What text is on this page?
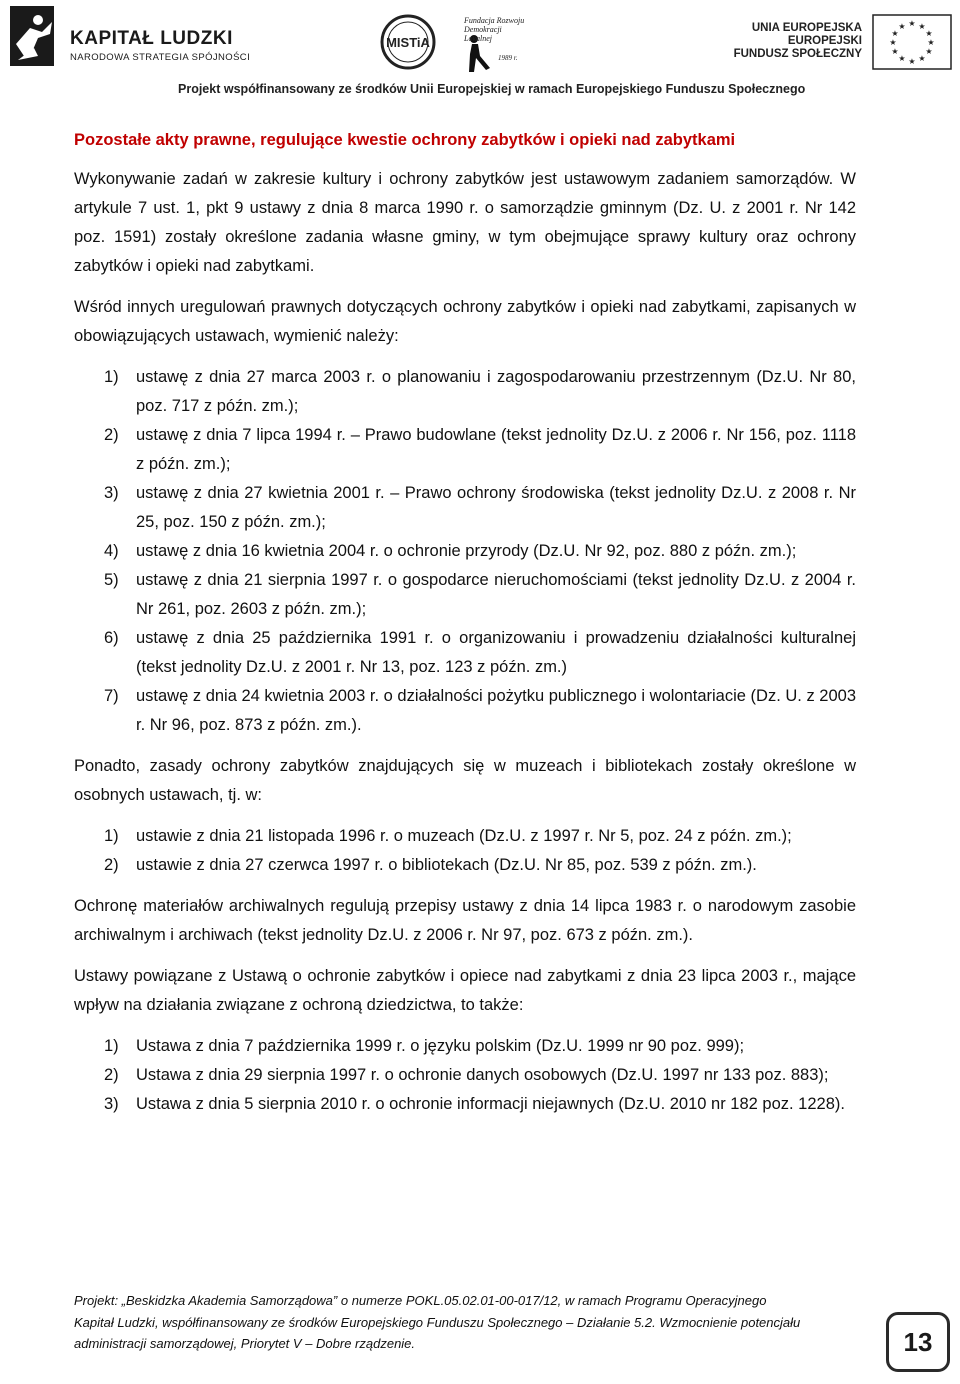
KAPITAŁ LUDZKI
NARODOWA STRATEGIA SPÓJNOŚCI
MISTiA
Fundacja Rozwoju
Demokracji Lokalnej
1989 r.
UNIA EUROPEJSKA
EUROPEJSKI
FUNDUSZ SPOŁECZNY
★ ★
★
★
★
★
★
★
★
★
★
★
Projekt współfinansowany ze środków Unii Europejskiej w ramach Europejskiego Funduszu Społecznego
Pozostałe akty prawne, regulujące kwestie ochrony zabytków i opieki nad zabytkami

Wykonywanie zadań w zakresie kultury i ochrony zabytków jest ustawowym zadaniem samorządów. W artykule 7 ust. 1, pkt 9 ustawy z dnia 8 marca 1990 r. o samorządzie gminnym (Dz. U. z 2001 r. Nr 142 poz. 1591) zostały określone zadania własne gminy, w tym obejmujące sprawy kultury oraz ochrony zabytków i opieki nad zabytkami.

Wśród innych uregulowań prawnych dotyczących ochrony zabytków i opieki nad zabytkami, zapisanych w obowiązujących ustawach, wymienić należy:

1) ustawę z dnia 27 marca 2003 r. o planowaniu i zagospodarowaniu przestrzennym (Dz.U. Nr 80, poz. 717 z późn. zm.);
2) ustawę z dnia 7 lipca 1994 r. – Prawo budowlane (tekst jednolity Dz.U. z 2006 r. Nr 156, poz. 1118 z późn. zm.);
3) ustawę z dnia 27 kwietnia 2001 r. – Prawo ochrony środowiska (tekst jednolity Dz.U. z 2008 r. Nr 25, poz. 150 z późn. zm.);
4) ustawę z dnia 16 kwietnia 2004 r. o ochronie przyrody (Dz.U. Nr 92, poz. 880 z późn. zm.);
5) ustawę z dnia 21 sierpnia 1997 r. o gospodarce nieruchomościami (tekst jednolity Dz.U. z 2004 r. Nr 261, poz. 2603 z późn. zm.);
6) ustawę z dnia 25 października 1991 r. o organizowaniu i prowadzeniu działalności kulturalnej (tekst jednolity Dz.U. z 2001 r. Nr 13, poz. 123 z późn. zm.)
7) ustawę z dnia 24 kwietnia 2003 r. o działalności pożytku publicznego i wolontariacie (Dz. U. z 2003 r. Nr 96, poz. 873 z późn. zm.).

Ponadto, zasady ochrony zabytków znajdujących się w muzeach i bibliotekach zostały określone w osobnych ustawach, tj. w:

1) ustawie z dnia 21 listopada 1996 r. o muzeach (Dz.U. z 1997 r. Nr 5, poz. 24 z późn. zm.);
2) ustawie z dnia 27 czerwca 1997 r. o bibliotekach (Dz.U. Nr 85, poz. 539 z późn. zm.).

Ochronę materiałów archiwalnych regulują przepisy ustawy z dnia 14 lipca 1983 r. o narodowym zasobie archiwalnym i archiwach (tekst jednolity Dz.U. z 2006 r. Nr 97, poz. 673 z późn. zm.).

Ustawy powiązane z Ustawą o ochronie zabytków i opiece nad zabytkami z dnia 23 lipca 2003 r., mające wpływ na działania związane z ochroną dziedzictwa, to także:

1) Ustawa z dnia 7 października 1999 r. o języku polskim (Dz.U. 1999 nr 90 poz. 999);
2) Ustawa z dnia 29 sierpnia 1997 r. o ochronie danych osobowych (Dz.U. 1997 nr 133 poz. 883);
3) Ustawa z dnia 5 sierpnia 2010 r. o ochronie informacji niejawnych (Dz.U. 2010 nr 182 poz. 1228).
Projekt: „Beskidzka Akademia Samorządowa” o numerze POKL.05.02.01-00-017/12, w ramach Programu Operacyjnego
Kapitał Ludzki, współfinansowany ze środków Europejskiego Funduszu Społecznego – Działanie 5.2. Wzmocnienie potencjału
administracji samorządowej, Priorytet V – Dobre rządzenie.	13
